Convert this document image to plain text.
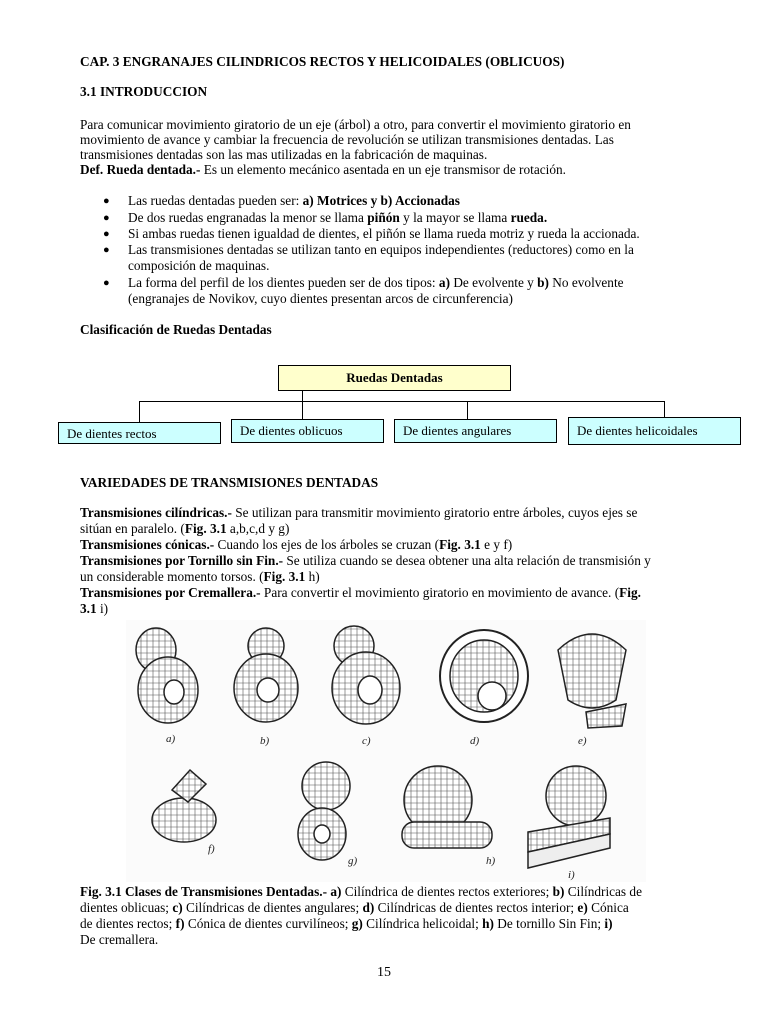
CAP. 3 ENGRANAJES CILINDRICOS RECTOS Y HELICOIDALES (OBLICUOS)
3.1 INTRODUCCION
Para comunicar movimiento giratorio de un eje (árbol) a otro, para convertir el movimiento giratorio en
movimiento de avance y cambiar la frecuencia de revolución se utilizan transmisiones dentadas. Las
transmisiones dentadas son las mas utilizadas en la fabricación de maquinas.
Def. Rueda dentada.- Es un elemento mecánico asentada en un eje transmisor de rotación.
● Las ruedas dentadas pueden ser: a) Motrices y b) Accionadas
● De dos ruedas engranadas la menor se llama piñón y la mayor se llama rueda.
● Si ambas ruedas tienen igualdad de dientes, el piñón se llama rueda motriz y rueda la accionada.
● Las transmisiones dentadas se utilizan tanto en equipos independientes (reductores) como en la
composición de maquinas.
● La forma del perfil de los dientes pueden ser de dos tipos: a) De evolvente y b) No evolvente
(engranajes de Novikov, cuyo dientes presentan arcos de circunferencia)
Clasificación de Ruedas Dentadas
Ruedas Dentadas
De dientes rectos	De dientes oblicuos	De dientes angulares	De dientes helicoidales
VARIEDADES DE TRANSMISIONES DENTADAS
Transmisiones cilíndricas.- Se utilizan para transmitir movimiento giratorio entre árboles, cuyos ejes se
sitúan en paralelo. (Fig. 3.1 a,b,c,d y g)
Transmisiones cónicas.- Cuando los ejes de los árboles se cruzan (Fig. 3.1 e y f)
Transmisiones por Tornillo sin Fin.- Se utiliza cuando se desea obtener una alta relación de transmisión y
un considerable momento torsos. (Fig. 3.1 h)
Transmisiones por Cremallera.- Para convertir el movimiento giratorio en movimiento de avance. (Fig.
3.1 i)
a)	b)	c)	d)	e)
f)
g)	h)
i)
Fig. 3.1 Clases de Transmisiones Dentadas.- a) Cilíndrica de dientes rectos exteriores; b) Cilíndricas de
dientes oblicuas; c) Cilíndricas de dientes angulares; d) Cilíndricas de dientes rectos interior; e) Cónica
de dientes rectos; f) Cónica de dientes curvilíneos; g) Cilíndrica helicoidal; h) De tornillo Sin Fin; i)
De cremallera.
15
